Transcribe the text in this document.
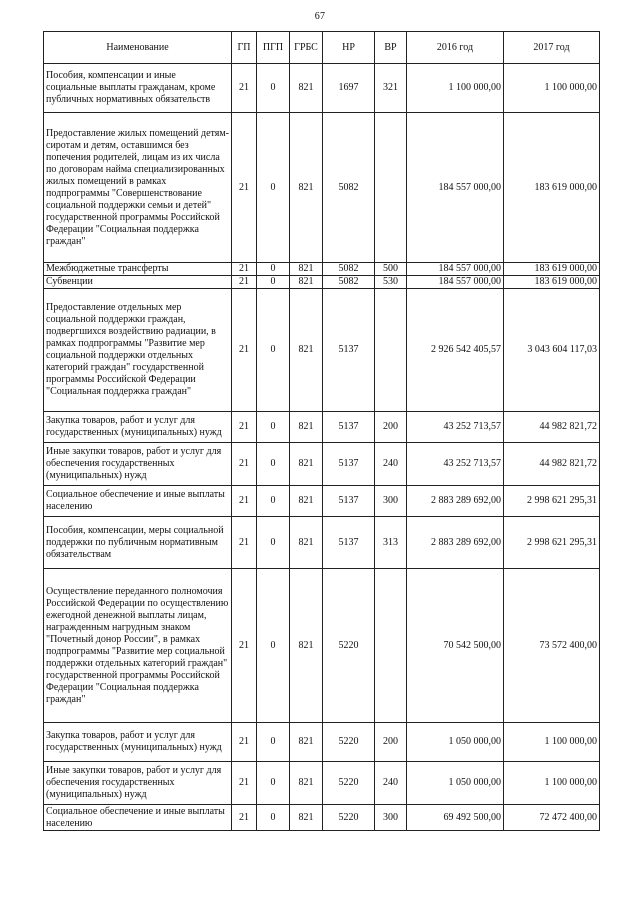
67
Наименование	ГП	ПГП	ГРБС	НР	ВР	2016 год	2017 год
Пособия, компенсации и иные социальные выплаты гражданам, кроме публичных нормативных обязательств	21	0	821	1697	321	1 100 000,00	1 100 000,00
Предоставление жилых помещений детям-сиротам и детям, оставшимся без попечения родителей, лицам из их числа по договорам найма специализированных жилых помещений в рамках подпрограммы "Совершенствование социальной поддержки семьи и детей" государственной программы Российской Федерации "Социальная поддержка граждан"	21	0	821	5082		184 557 000,00	183 619 000,00
Межбюджетные трансферты	21	0	821	5082	500	184 557 000,00	183 619 000,00
Субвенции	21	0	821	5082	530	184 557 000,00	183 619 000,00
Предоставление отдельных мер социальной поддержки граждан, подвергшихся воздействию радиации, в рамках подпрограммы "Развитие мер социальной поддержки отдельных категорий граждан" государственной программы Российской Федерации "Социальная поддержка граждан"	21	0	821	5137		2 926 542 405,57	3 043 604 117,03
Закупка товаров, работ и услуг для государственных (муниципальных) нужд	21	0	821	5137	200	43 252 713,57	44 982 821,72
Иные закупки товаров, работ и услуг для обеспечения государственных (муниципальных) нужд	21	0	821	5137	240	43 252 713,57	44 982 821,72
Социальное обеспечение и иные выплаты населению	21	0	821	5137	300	2 883 289 692,00	2 998 621 295,31
Пособия, компенсации, меры социальной поддержки по публичным нормативным обязательствам	21	0	821	5137	313	2 883 289 692,00	2 998 621 295,31
Осуществление переданного полномочия Российской Федерации по осуществлению ежегодной денежной выплаты лицам, награжденным нагрудным знаком "Почетный донор России", в рамках подпрограммы "Развитие мер социальной поддержки отдельных категорий граждан" государственной программы Российской Федерации "Социальная поддержка граждан"	21	0	821	5220		70 542 500,00	73 572 400,00
Закупка товаров, работ и услуг для государственных (муниципальных) нужд	21	0	821	5220	200	1 050 000,00	1 100 000,00
Иные закупки товаров, работ и услуг для обеспечения государственных (муниципальных) нужд	21	0	821	5220	240	1 050 000,00	1 100 000,00
Социальное обеспечение и иные выплаты населению	21	0	821	5220	300	69 492 500,00	72 472 400,00
